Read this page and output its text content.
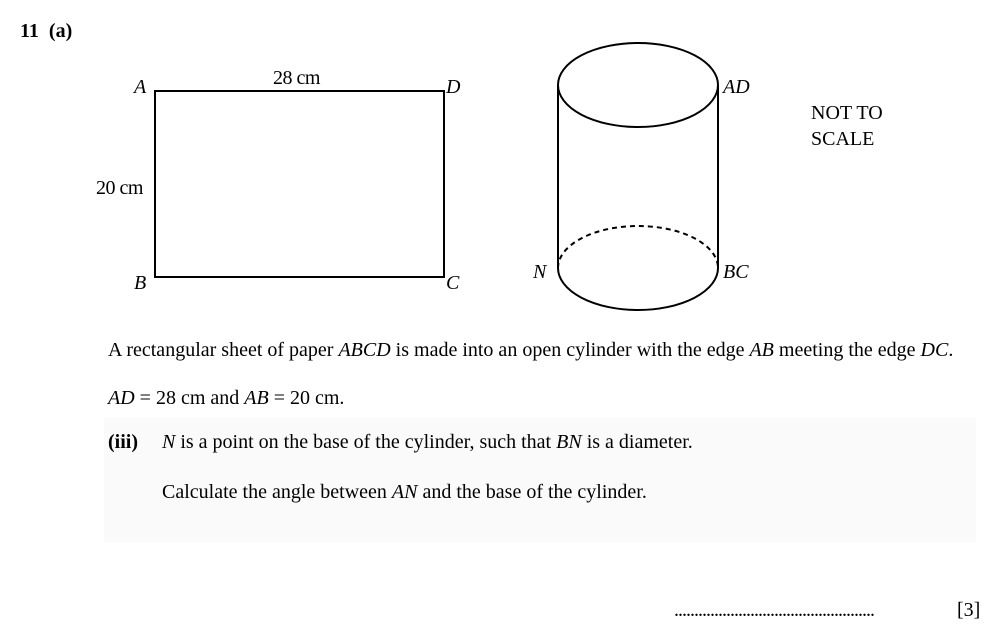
11 (a)
A	D
B	C
28 cm
20 cm
AD
BC
N
NOT TO
SCALE
A rectangular sheet of paper ABCD is made into an open cylinder with the edge AB meeting the edge DC.
AD = 28 cm and AB = 20 cm.
(iii) N is a point on the base of the cylinder, such that BN is a diameter.
Calculate the angle between AN and the base of the cylinder.
..................................................	[3]
